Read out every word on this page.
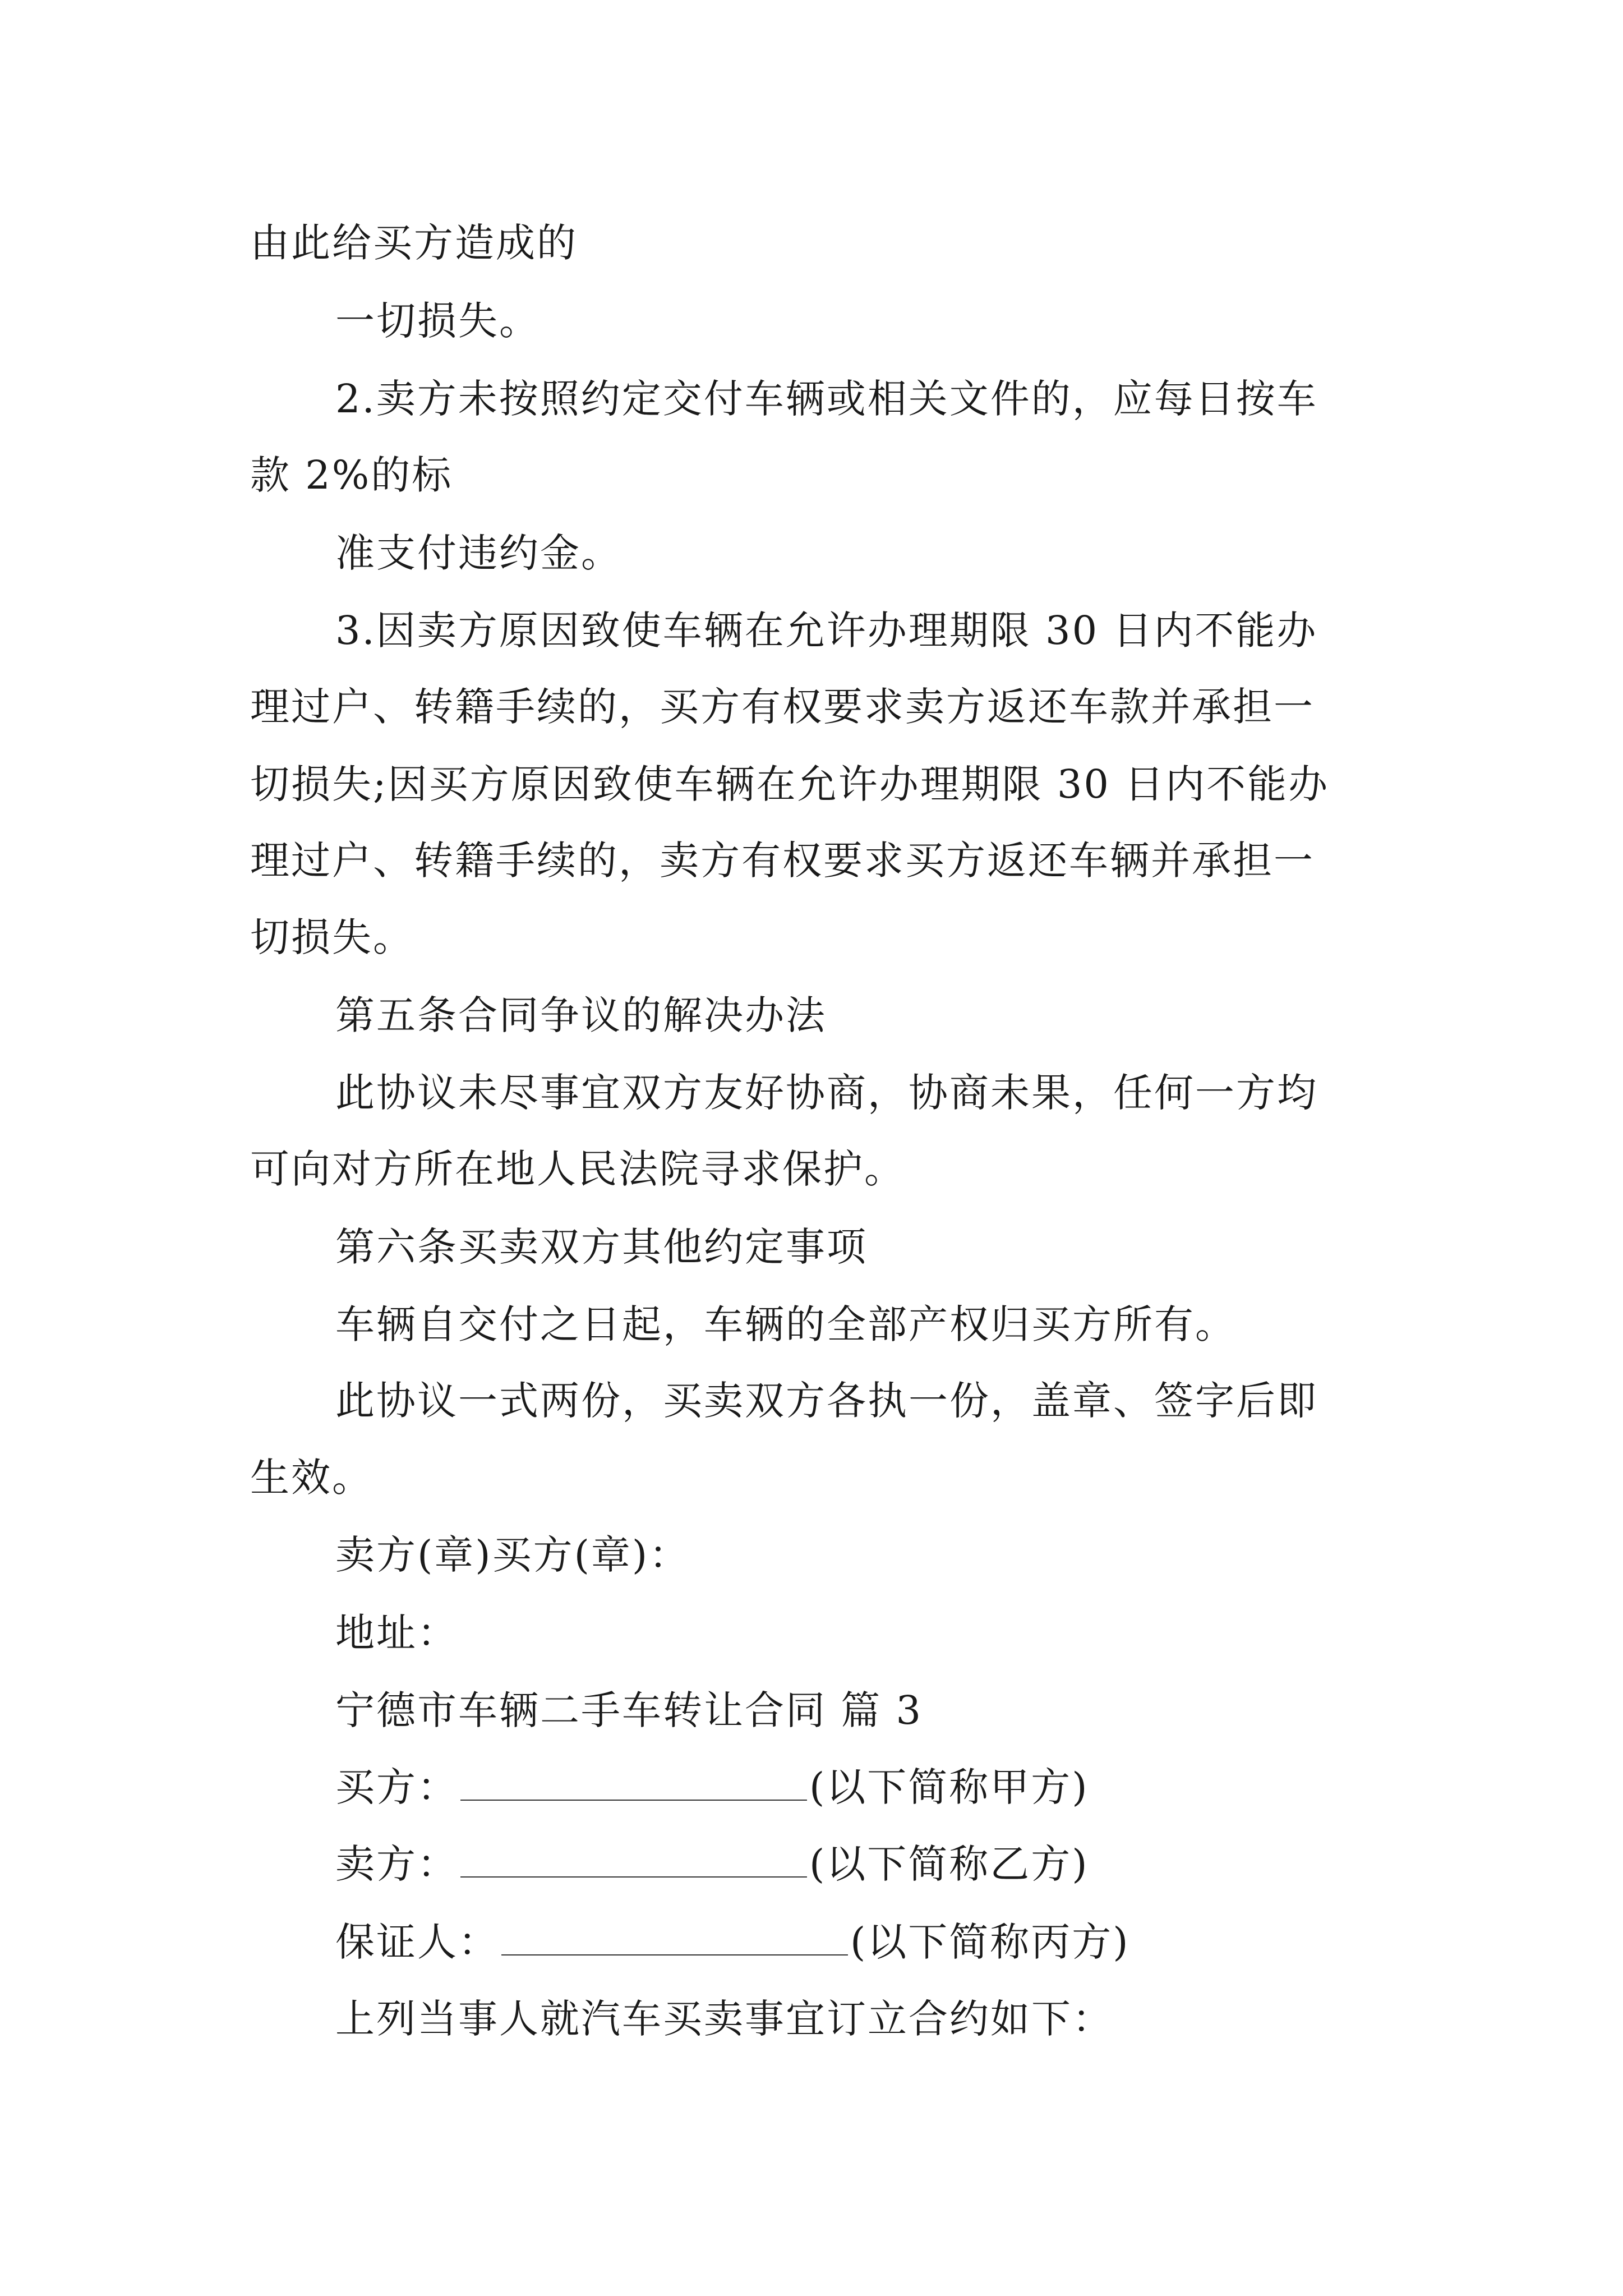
由此给买方造成的
一切损失。
2.卖方未按照约定交付车辆或相关文件的，应每日按车
款 2%的标
准支付违约金。
3.因卖方原因致使车辆在允许办理期限 30 日内不能办
理过户、转籍手续的，买方有权要求卖方返还车款并承担一
切损失;因买方原因致使车辆在允许办理期限 30 日内不能办
理过户、转籍手续的，卖方有权要求买方返还车辆并承担一
切损失。
第五条合同争议的解决办法
此协议未尽事宜双方友好协商，协商未果，任何一方均
可向对方所在地人民法院寻求保护。
第六条买卖双方其他约定事项
车辆自交付之日起，车辆的全部产权归买方所有。
此协议一式两份，买卖双方各执一份，盖章、签字后即
生效。
卖方(章)买方(章)：
地址：
宁德市车辆二手车转让合同 篇 3
买方：	(以下简称甲方)
卖方：	(以下简称乙方)
保证人：	(以下简称丙方)
上列当事人就汽车买卖事宜订立合约如下：
